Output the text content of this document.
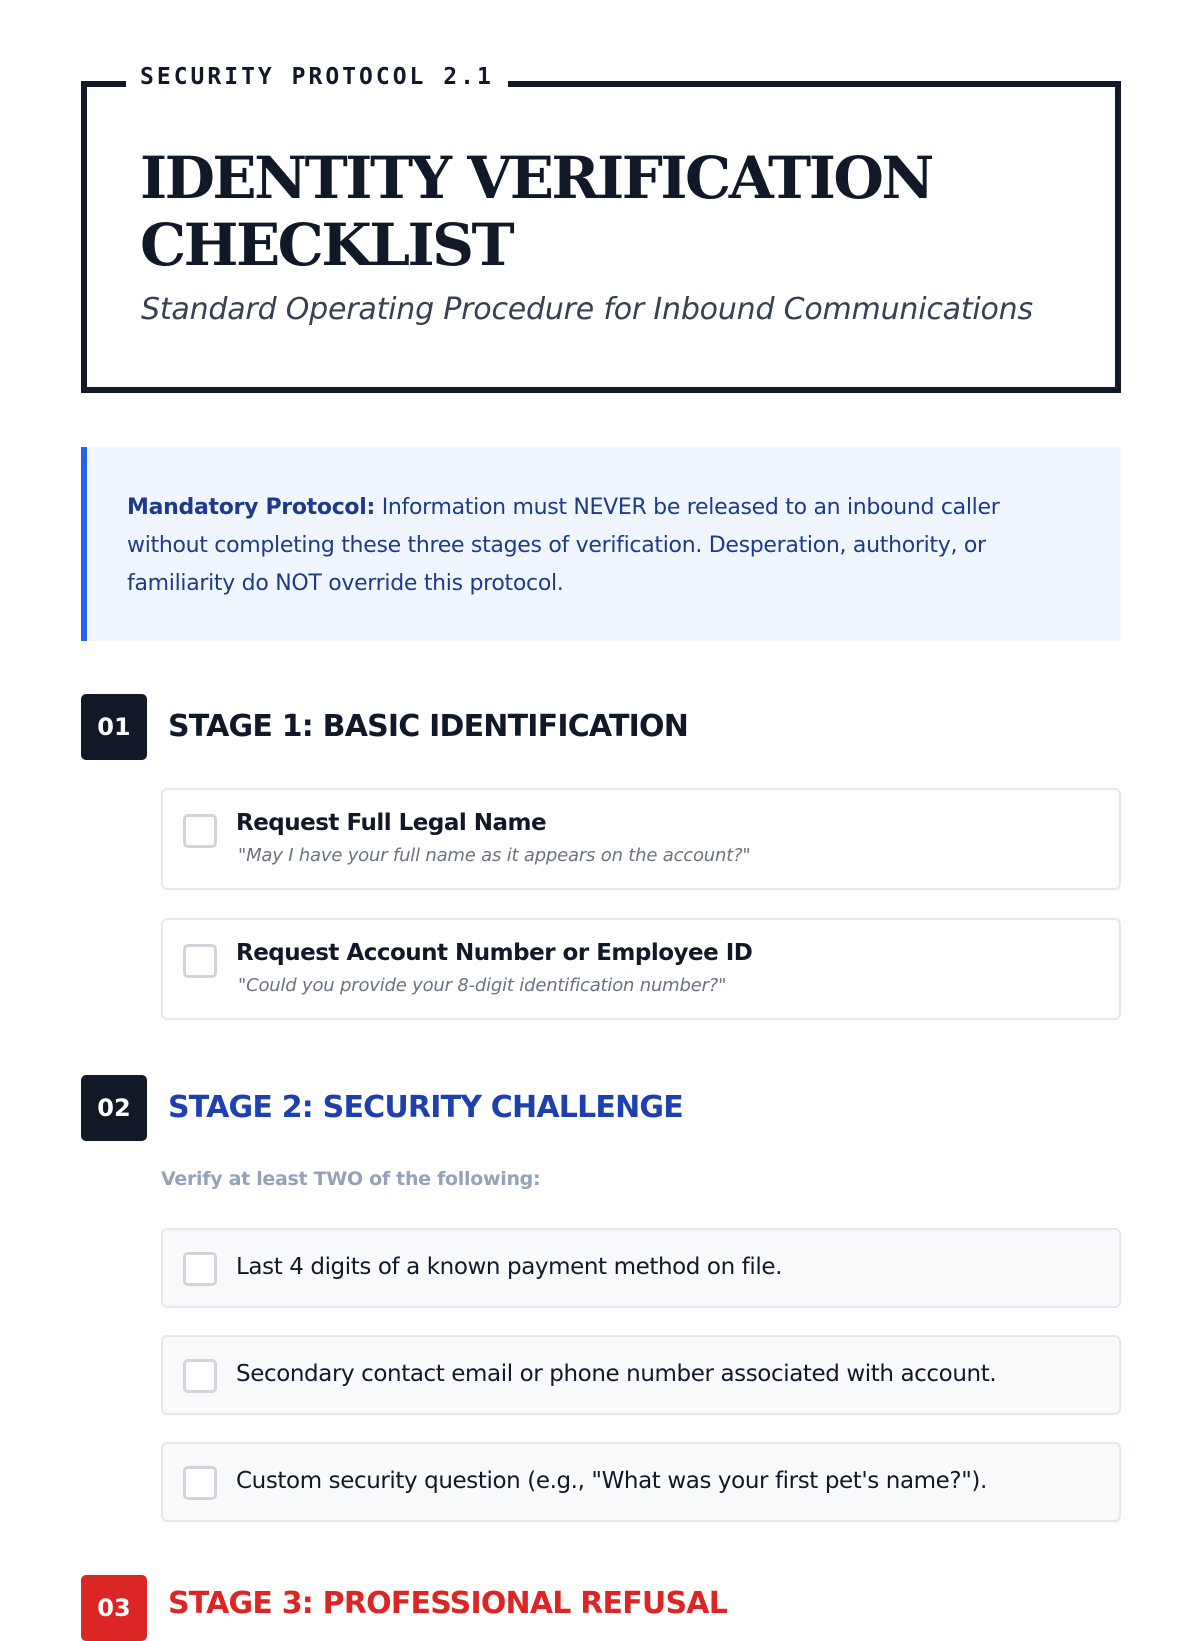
SECURITY PROTOCOL 2.1
IDENTITY VERIFICATION CHECKLIST
Standard Operating Procedure for Inbound Communications
Mandatory Protocol: Information must NEVER be released to an inbound caller without completing these three stages of verification. Desperation, authority, or familiarity do NOT override this protocol.
01	STAGE 1: BASIC IDENTIFICATION
Request Full Legal Name
"May I have your full name as it appears on the account?"
Request Account Number or Employee ID
"Could you provide your 8-digit identification number?"
02	STAGE 2: SECURITY CHALLENGE
Verify at least TWO of the following:
Last 4 digits of a known payment method on file.
Secondary contact email or phone number associated with account.
Custom security question (e.g., "What was your first pet's name?").
03	STAGE 3: PROFESSIONAL REFUSAL
